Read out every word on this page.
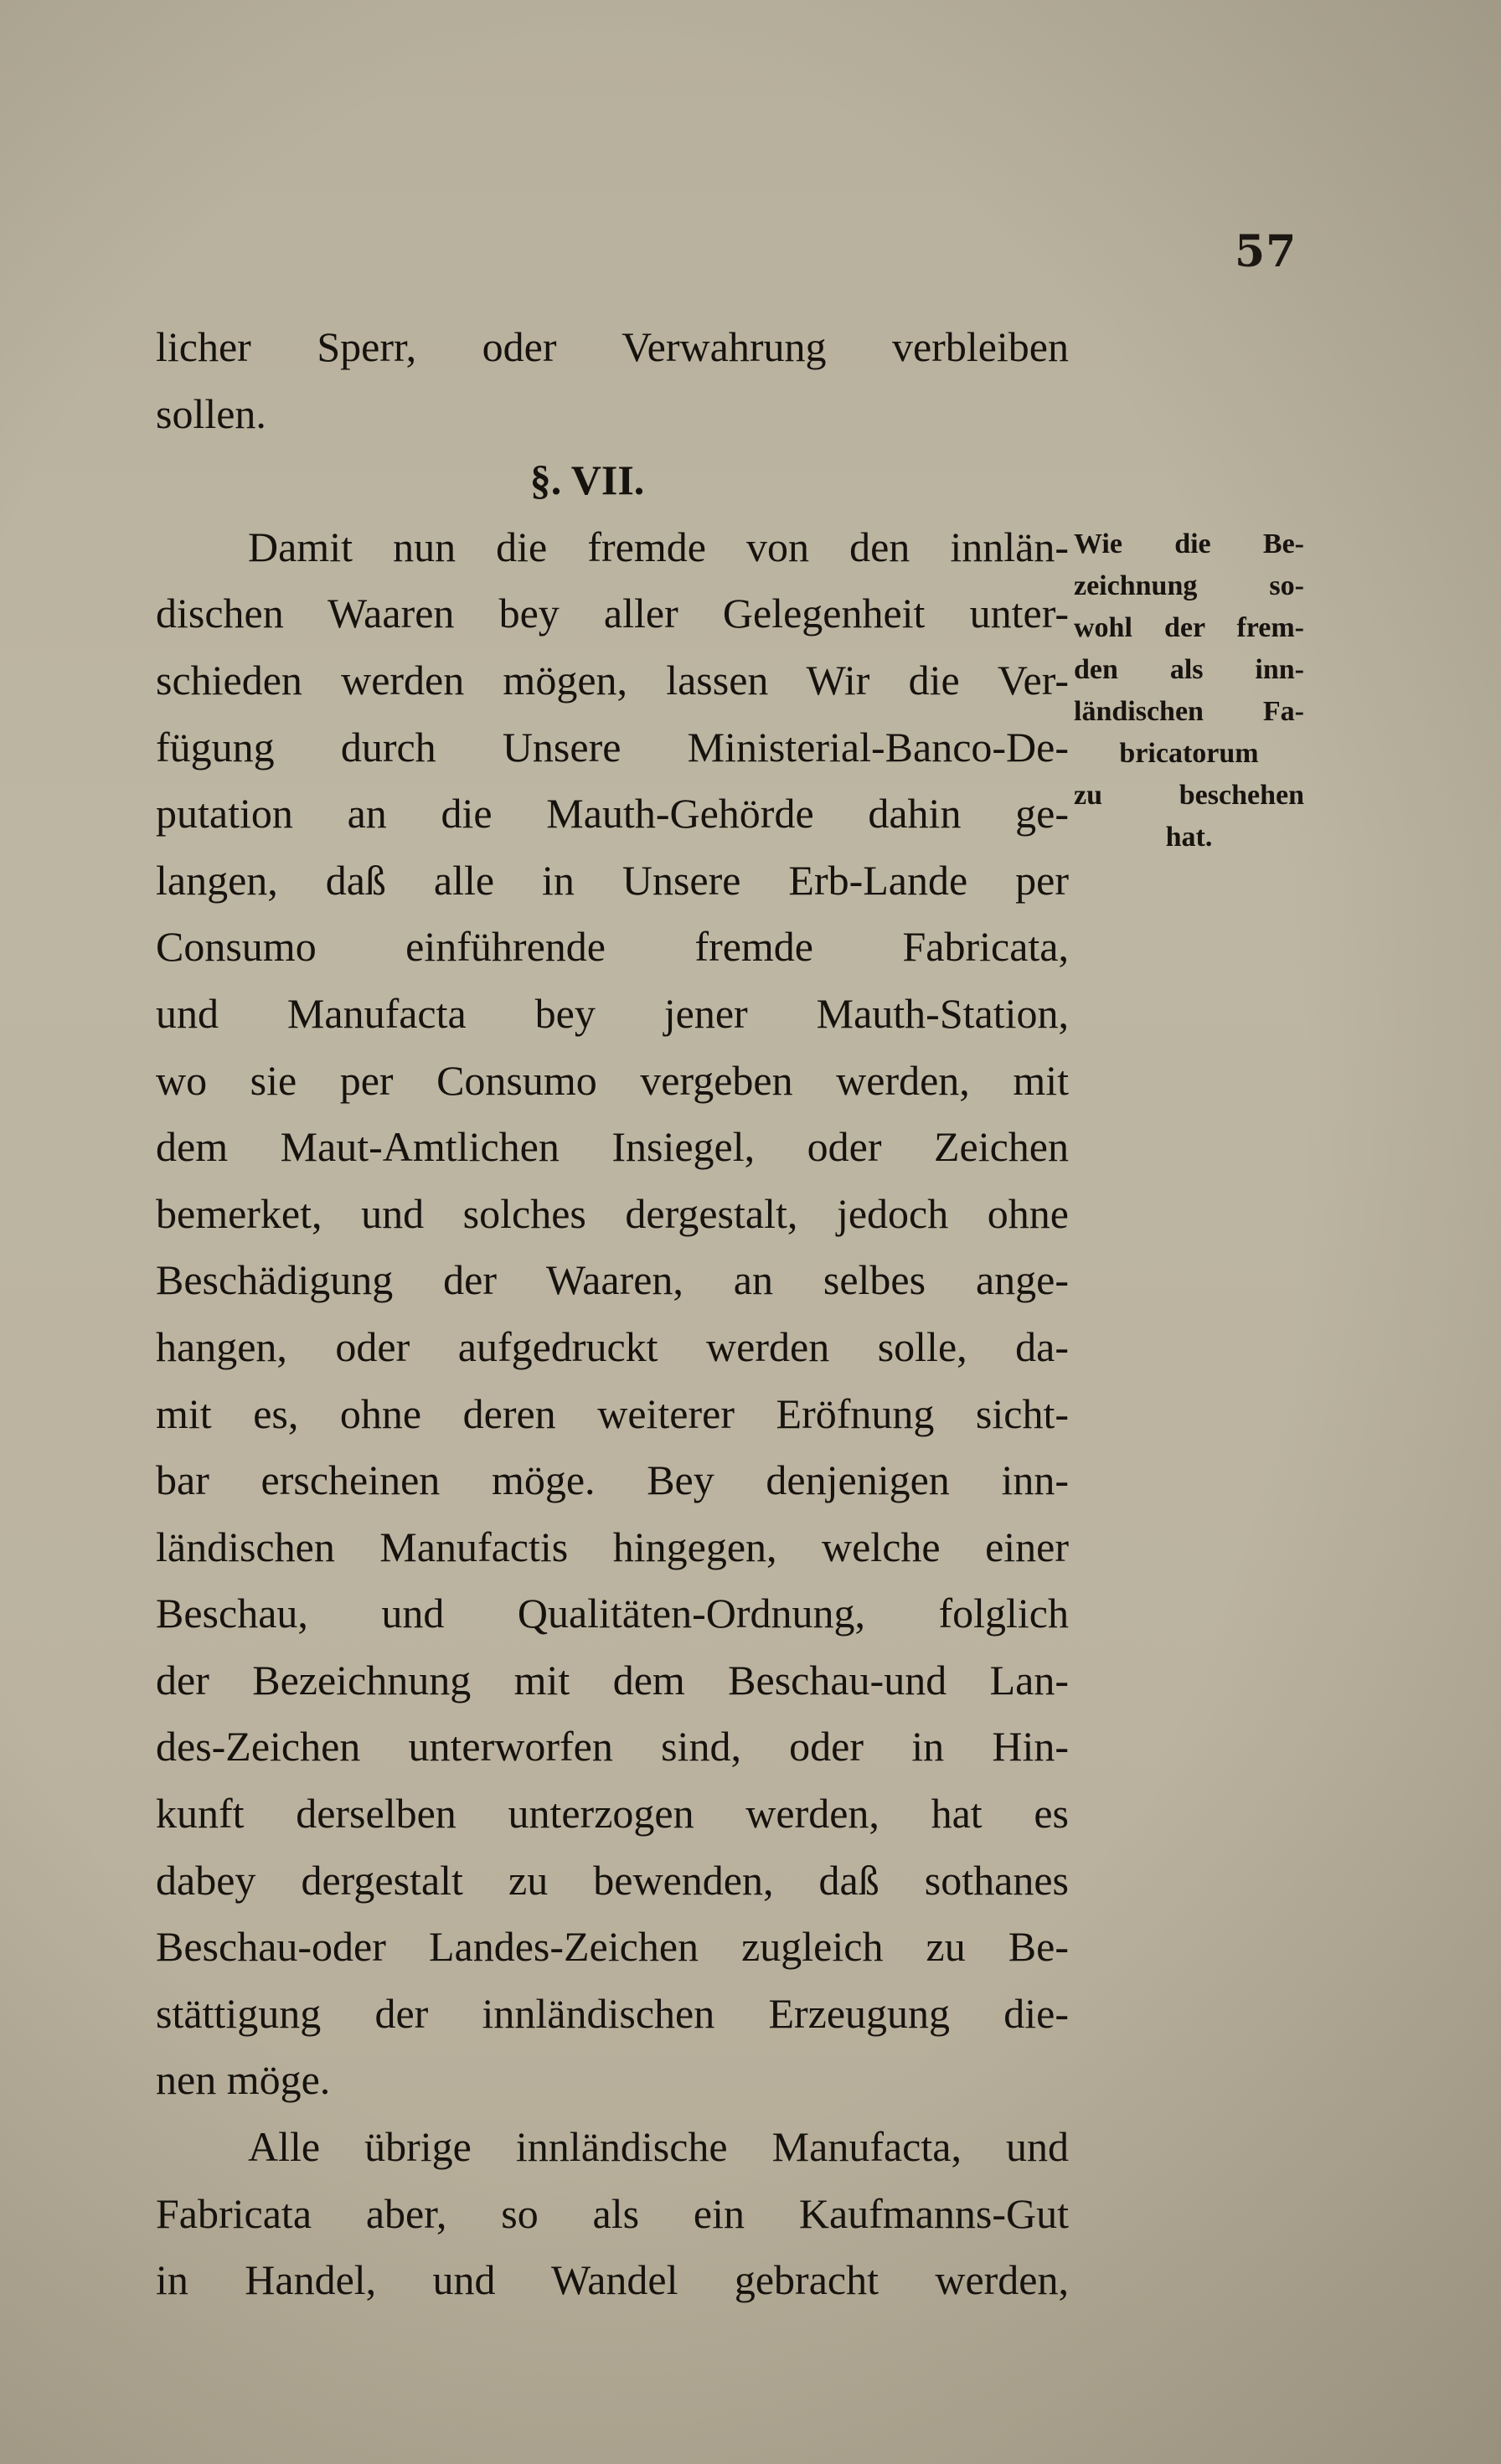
57
licher Sperr, oder Verwahrung verbleiben
sollen.
§. VII.
Damit nun die fremde von den innlän-
dischen Waaren bey aller Gelegenheit unter-
schieden werden mögen, lassen Wir die Ver-
fügung durch Unsere Ministerial-Banco-De-
putation an die Mauth-Gehörde dahin ge-
langen, daß alle in Unsere Erb-Lande per
Consumo einführende fremde Fabricata,
und Manufacta bey jener Mauth-Station,
wo sie per Consumo vergeben werden, mit
dem Maut-Amtlichen Insiegel, oder Zeichen
bemerket, und solches dergestalt, jedoch ohne
Beschädigung der Waaren, an selbes ange-
hangen, oder aufgedruckt werden solle, da-
mit es, ohne deren weiterer Eröfnung sicht-
bar erscheinen möge. Bey denjenigen inn-
ländischen Manufactis hingegen, welche einer
Beschau, und Qualitäten-Ordnung, folglich
der Bezeichnung mit dem Beschau-und Lan-
des-Zeichen unterworfen sind, oder in Hin-
kunft derselben unterzogen werden, hat es
dabey dergestalt zu bewenden, daß sothanes
Beschau-oder Landes-Zeichen zugleich zu Be-
stättigung der innländischen Erzeugung die-
nen möge.
Alle übrige innländische Manufacta, und
Fabricata aber, so als ein Kaufmanns-Gut
in Handel, und Wandel gebracht werden,
Wie die Be-
zeichnung so-
wohl der frem-
den als inn-
ländischen Fa-
bricatorum
zu beschehen
hat.
